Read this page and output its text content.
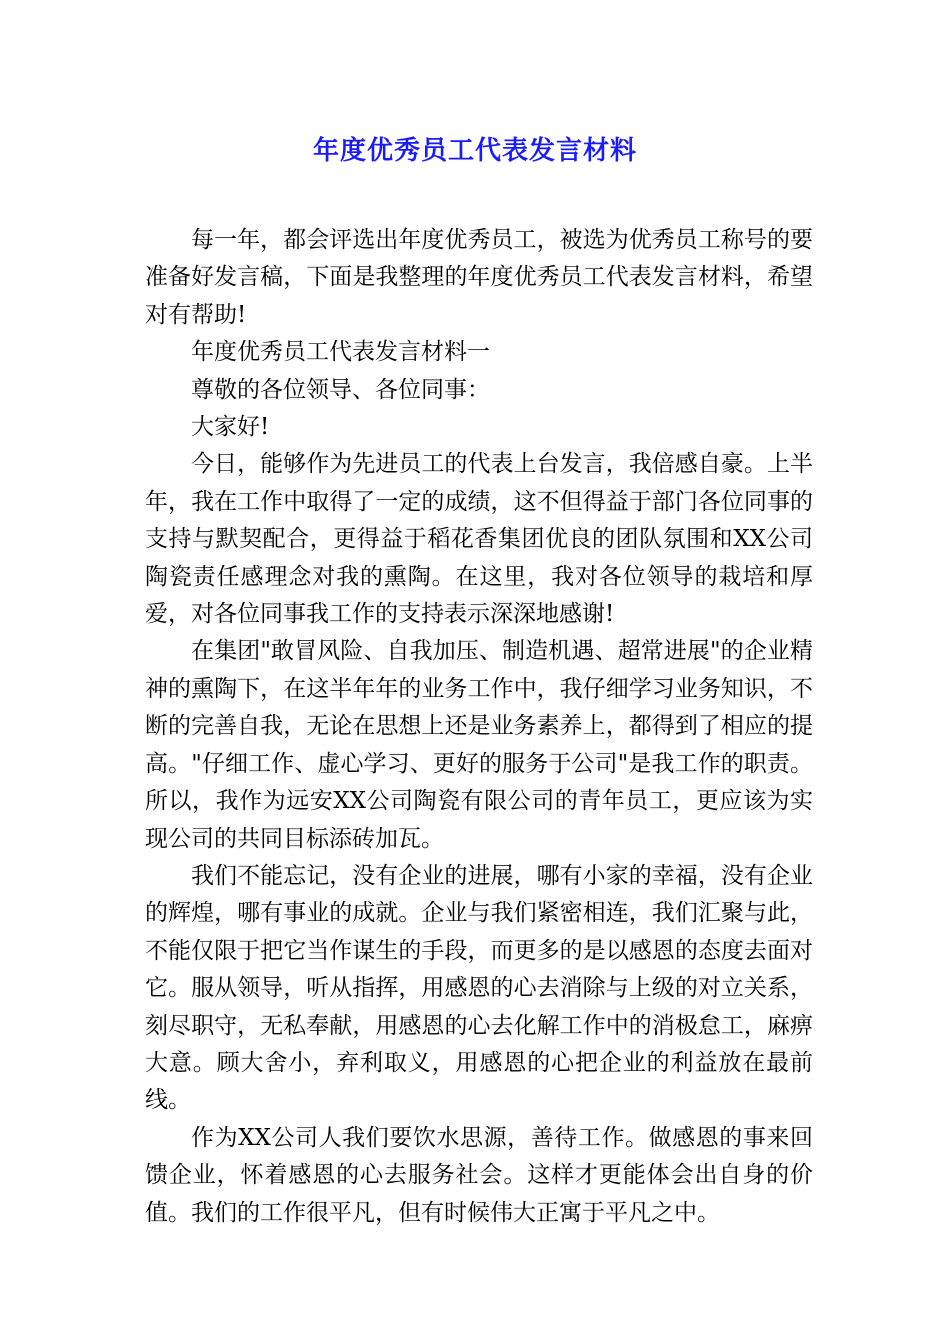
年度优秀员工代表发言材料

每一年，都会评选出年度优秀员工，被选为优秀员工称号的要准备好发言稿，下面是我整理的年度优秀员工代表发言材料，希望对有帮助!

年度优秀员工代表发言材料一

尊敬的各位领导、各位同事：

大家好!

今日，能够作为先进员工的代表上台发言，我倍感自豪。上半年，我在工作中取得了一定的成绩，这不但得益于部门各位同事的支持与默契配合，更得益于稻花香集团优良的团队氛围和XX公司陶瓷责任感理念对我的熏陶。在这里，我对各位领导的栽培和厚爱，对各位同事我工作的支持表示深深地感谢!

在集团"敢冒风险、自我加压、制造机遇、超常进展"的企业精神的熏陶下，在这半年年的业务工作中，我仔细学习业务知识，不断的完善自我，无论在思想上还是业务素养上，都得到了相应的提高。"仔细工作、虚心学习、更好的服务于公司"是我工作的职责。所以，我作为远安XX公司陶瓷有限公司的青年员工，更应该为实现公司的共同目标添砖加瓦。

我们不能忘记，没有企业的进展，哪有小家的幸福，没有企业的辉煌，哪有事业的成就。企业与我们紧密相连，我们汇聚与此，不能仅限于把它当作谋生的手段，而更多的是以感恩的态度去面对它。服从领导，听从指挥，用感恩的心去消除与上级的对立关系，刻尽职守，无私奉献，用感恩的心去化解工作中的消极怠工，麻痹大意。顾大舍小，弃利取义，用感恩的心把企业的利益放在最前线。

作为XX公司人我们要饮水思源，善待工作。做感恩的事来回馈企业，怀着感恩的心去服务社会。这样才更能体会出自身的价值。我们的工作很平凡，但有时候伟大正寓于平凡之中。
